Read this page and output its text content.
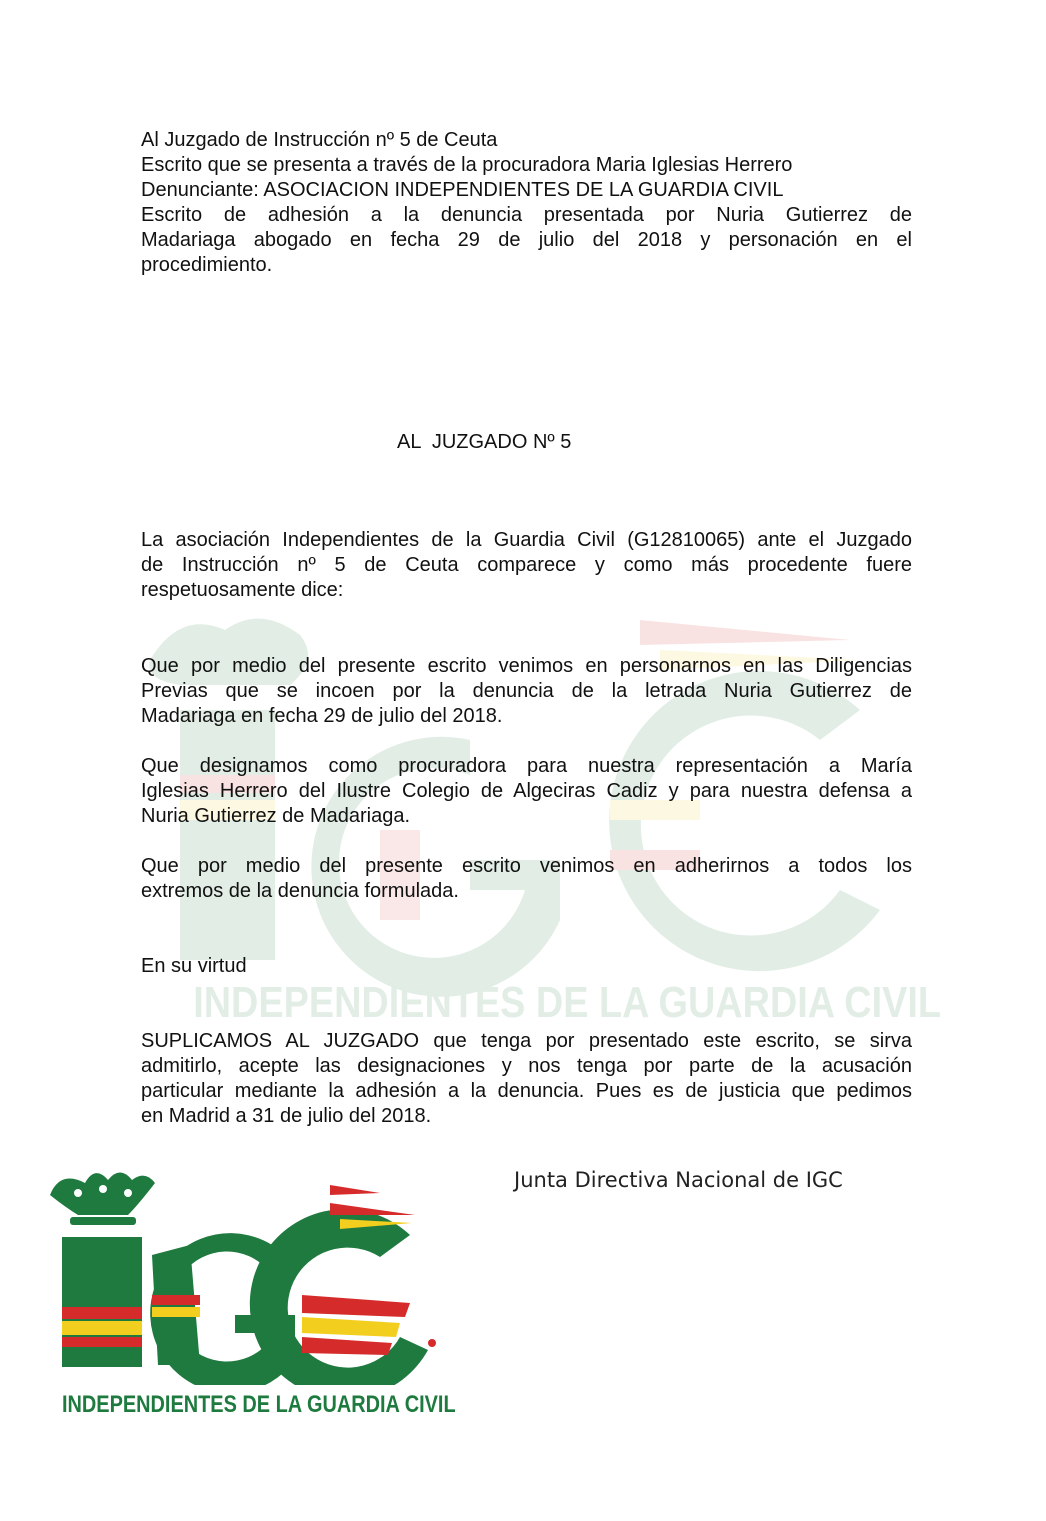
INDEPENDIENTES DE LA GUARDIA CIVIL
Al Juzgado de Instrucción nº 5 de Ceuta
Escrito que se presenta a través de la procuradora Maria Iglesias Herrero
Denunciante: ASOCIACION INDEPENDIENTES DE LA GUARDIA CIVIL
Escrito de adhesión a la denuncia presentada por Nuria Gutierrez de
Madariaga abogado en fecha 29 de julio del 2018 y personación en el
procedimiento.
AL  JUZGADO Nº 5
La asociación Independientes de la Guardia Civil (G12810065) ante el Juzgado
de Instrucción nº 5 de Ceuta comparece y como más procedente fuere
respetuosamente dice:
Que por medio del presente escrito venimos en personarnos en las Diligencias
Previas que se incoen por la denuncia de la letrada Nuria Gutierrez de
Madariaga en fecha 29 de julio del 2018.
Que designamos como procuradora para nuestra representación a María
Iglesias Herrero del Ilustre Colegio de Algeciras Cadiz y para nuestra defensa a
Nuria Gutierrez de Madariaga.
Que por medio del presente escrito venimos en adherirnos a todos los
extremos de la denuncia formulada.
En su virtud
SUPLICAMOS AL JUZGADO que tenga por presentado este escrito, se sirva
admitirlo, acepte las designaciones y nos tenga por parte de la acusación
particular mediante la adhesión a la denuncia. Pues es de justicia que pedimos
en Madrid a 31 de julio del 2018.
Junta Directiva Nacional de IGC
INDEPENDIENTES DE LA GUARDIA CIVIL
